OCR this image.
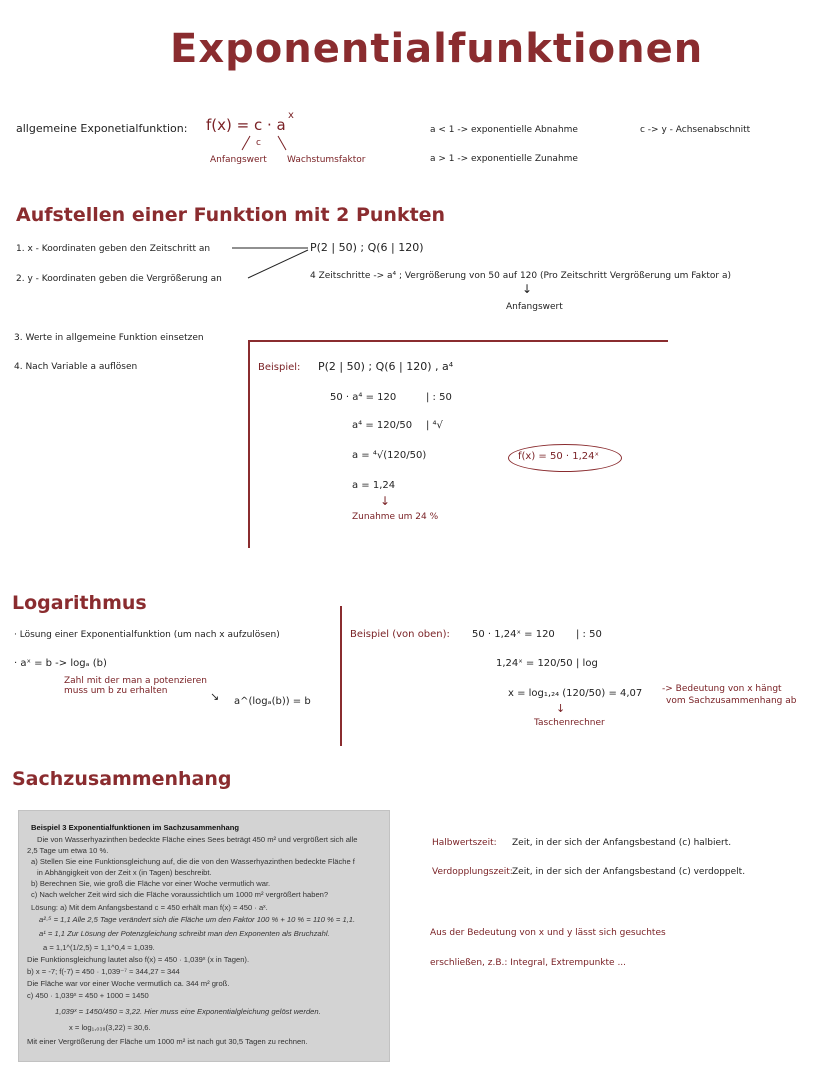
Exponentialfunktionen
allgemeine Exponetialfunktion: f(x) = c · a
x
c
Anfangswert Wachstumsfaktor
a < 1 -> exponentielle Abnahme
a > 1 -> exponentielle Zunahme
c -> y - Achsenabschnitt
Aufstellen einer Funktion mit 2 Punkten
1. x - Koordinaten geben den Zeitschritt an
2. y - Koordinaten geben die Vergrößerung an
P(2 | 50) ; Q(6 | 120)
4 Zeitschritte -> a⁴ ; Vergrößerung von 50 auf 120 (Pro Zeitschritt Vergrößerung um Faktor a)
↓
Anfangswert
3. Werte in allgemeine Funktion einsetzen
4. Nach Variable a auflösen	Beispiel: P(2 | 50) ; Q(6 | 120) , a⁴
50 · a⁴ = 120	| : 50
a⁴ = 120/50 | ⁴√
a = ⁴√(120/50)
a = 1,24
↓
Zunahme um 24 %
f(x) = 50 · 1,24ˣ
Logarithmus
· Lösung einer Exponentialfunktion (um nach x aufzulösen)
· aˣ = b -> logₐ (b)
Zahl mit der man a potenzieren muss um b zu erhalten	↘ a^(logₐ(b)) = b
Beispiel (von oben): 50 · 1,24ˣ = 120 | : 50
1,24ˣ = 120/50 | log
x = log₁,₂₄ (120/50) = 4,07
↓
Taschenrechner
-> Bedeutung von x hängt
vom Sachzusammenhang ab
Sachzusammenhang
Beispiel 3 Exponentialfunktionen im Sachzusammenhang
Die von Wasserhyazinthen bedeckte Fläche eines Sees beträgt 450 m² und vergrößert sich alle
2,5 Tage um etwa 10 %.
a) Stellen Sie eine Funktionsgleichung auf, die die von den Wasserhyazinthen bedeckte Fläche f
in Abhängigkeit von der Zeit x (in Tagen) beschreibt.
b) Berechnen Sie, wie groß die Fläche vor einer Woche vermutlich war.
c) Nach welcher Zeit wird sich die Fläche voraussichtlich um 1000 m² vergrößert haben?
Lösung: a) Mit dem Anfangsbestand c = 450 erhält man f(x) = 450 · aˣ.
a²·⁵ = 1,1 Alle 2,5 Tage verändert sich die Fläche um den Faktor 100 % + 10 % = 110 % = 1,1.
a¹ = 1,1 Zur Lösung der Potenzgleichung schreibt man den Exponenten als Bruchzahl.
a = 1,1^(1/2,5) = 1,1^0,4 ≈ 1,039.
Die Funktionsgleichung lautet also f(x) = 450 · 1,039ˣ (x in Tagen).
b) x = -7; f(-7) = 450 · 1,039⁻⁷ ≈ 344,27 ≈ 344
Die Fläche war vor einer Woche vermutlich ca. 344 m² groß.
c) 450 · 1,039ˣ = 450 + 1000 = 1450
1,039ˣ = 1450/450 ≈ 3,22. Hier muss eine Exponentialgleichung gelöst werden.
x = log₁,₀₃₉(3,22) ≈ 30,6.
Mit einer Vergrößerung der Fläche um 1000 m² ist nach gut 30,5 Tagen zu rechnen.
Halbwertszeit: Zeit, in der sich der Anfangsbestand (c) halbiert.
Verdopplungszeit: Zeit, in der sich der Anfangsbestand (c) verdoppelt.
Aus der Bedeutung von x und y lässt sich gesuchtes
erschließen, z.B.: Integral, Extrempunkte ...
